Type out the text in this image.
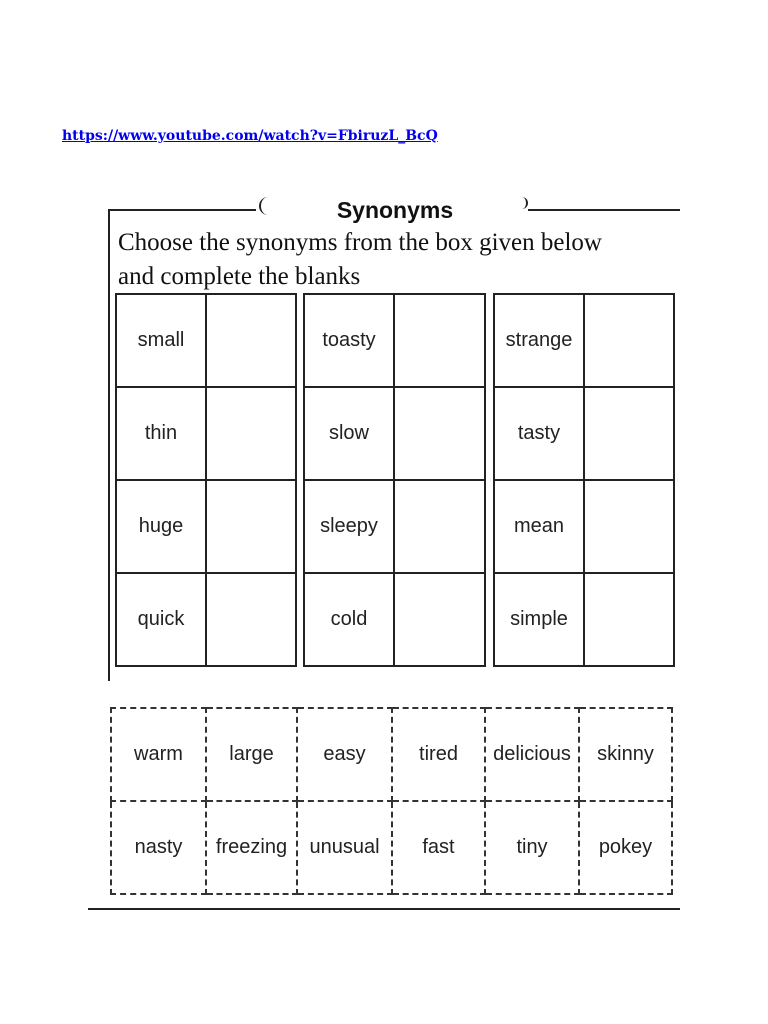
https://www.youtube.com/watch?v=FbiruzL_BcQ
Synonyms
Choose the synonyms from the box given below
and complete the blanks
small	
thin	
huge	
quick	
toasty	
slow	
sleepy	
cold	
strange	
tasty	
mean	
simple	
warm	large	easy	tired	delicious	skinny
nasty	freezing	unusual	fast	tiny	pokey
